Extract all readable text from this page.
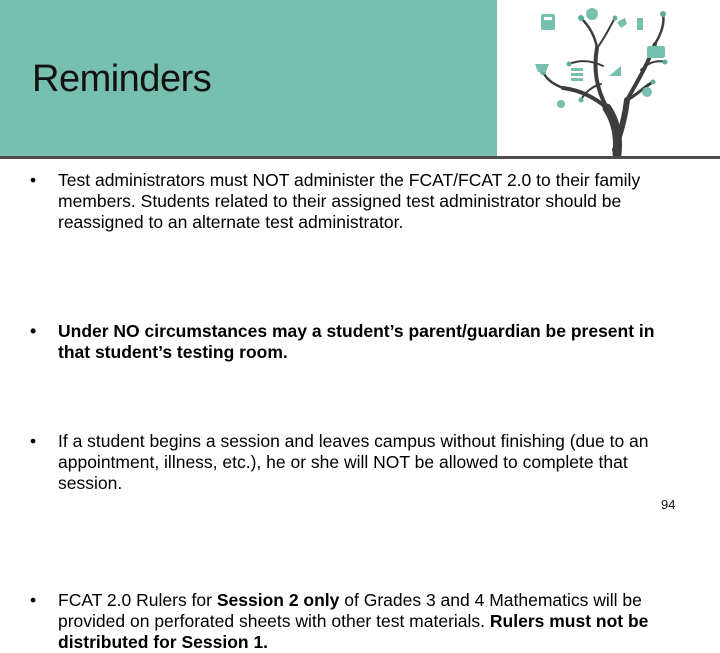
Reminders
• Test administrators must NOT administer the FCAT/FCAT 2.0 to their family members. Students related to their assigned test administrator should be reassigned to an alternate test administrator.
• Under NO circumstances may a student’s parent/guardian be present in that student’s testing room.
• If a student begins a session and leaves campus without finishing (due to an appointment, illness, etc.), he or she will NOT be allowed to complete that session.
• FCAT 2.0 Rulers for Session 2 only of Grades 3 and 4 Mathematics will be provided on perforated sheets with other test materials. Rulers must not be distributed for Session 1.
94
